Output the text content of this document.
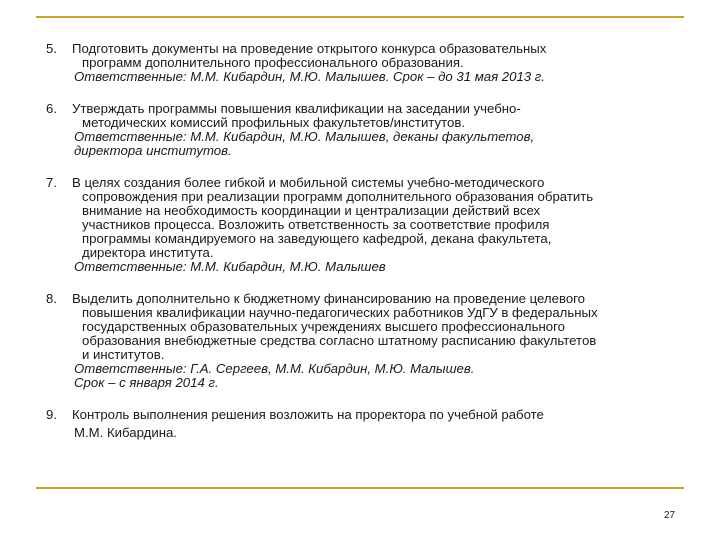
5.	Подготовить документы на проведение открытого конкурса образовательных
программ дополнительного профессионального образования.
Ответственные: М.М. Кибардин, М.Ю. Малышев. Срок – до 31 мая 2013 г.
6.	Утверждать программы повышения квалификации на заседании учебно-
методических комиссий профильных факультетов/институтов.
Ответственные: М.М. Кибардин, М.Ю. Малышев, деканы факультетов,
директора институтов.
7.	В целях создания более гибкой и мобильной системы учебно-методического
сопровождения при реализации программ дополнительного образования обратить
внимание на необходимость координации и централизации действий всех
участников процесса. Возложить ответственность за соответствие профиля
программы командируемого на заведующего кафедрой, декана факультета,
директора института.
Ответственные: М.М. Кибардин, М.Ю. Малышев
8.	Выделить дополнительно к бюджетному финансированию на проведение целевого
повышения квалификации научно-педагогических работников УдГУ в федеральных
государственных образовательных учреждениях высшего профессионального
образования внебюджетные средства согласно штатному расписанию факультетов
и институтов.
Ответственные: Г.А. Сергеев, М.М. Кибардин, М.Ю. Малышев.
Срок – с января 2014 г.
9.	Контроль выполнения решения возложить на проректора по учебной работе
М.М. Кибардина.
27
